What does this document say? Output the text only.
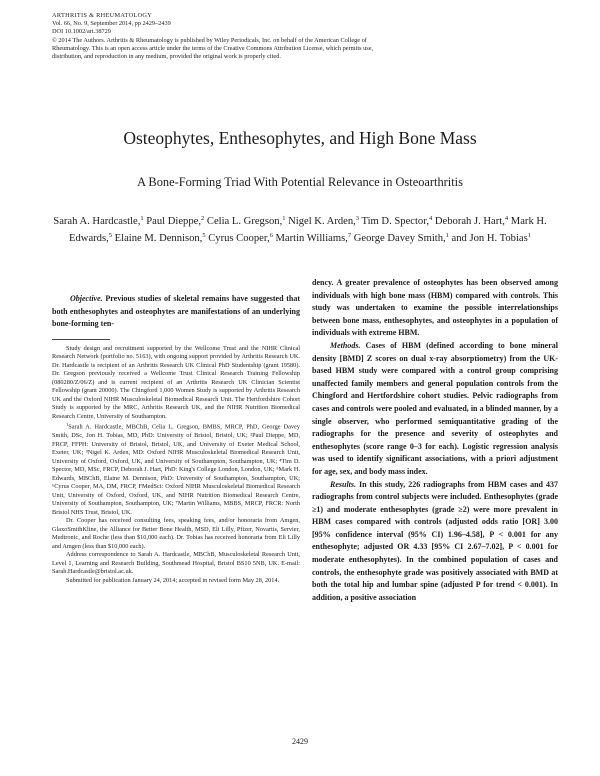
ARTHRITIS & RHEUMATOLOGY
Vol. 66, No. 9, September 2014, pp 2429–2439
DOI 10.1002/art.38729
© 2014 The Authors. Arthritis & Rheumatology is published by Wiley Periodicals, Inc. on behalf of the American College of Rheumatology. This is an open access article under the terms of the Creative Commons Attribution License, which permits use, distribution, and reproduction in any medium, provided the original work is properly cited.
Osteophytes, Enthesophytes, and High Bone Mass
A Bone-Forming Triad With Potential Relevance in Osteoarthritis
Sarah A. Hardcastle,$^1$ Paul Dieppe,$^2$ Celia L. Gregson,$^1$ Nigel K. Arden,$^3$ Tim D. Spector,$^4$ Deborah J. Hart,$^4$ Mark H. Edwards,$^5$ Elaine M. Dennison,$^5$ Cyrus Cooper,$^6$ Martin Williams,$^7$ George Davey Smith,$^1$ and Jon H. Tobias$^1$

Objective. Previous studies of skeletal remains have suggested that both enthesophytes and osteophytes are manifestations of an underlying bone-forming ten-

Study design and recruitment supported by the Wellcome Trust and the NIHR Clinical Research Network (portfolio no. 5163), with ongoing support provided by Arthritis Research UK. Dr. Hardcastle is recipient of an Arthritis Research UK Clinical PhD Studentship (grant 19580). Dr. Gregson previously received a Wellcome Trust Clinical Research Training Fellowship (080280/Z/06/Z) and is current recipient of an Arthritis Research UK Clinician Scientist Fellowship (grant 20000). The Chingford 1,000 Women Study is supported by Arthritis Research UK and the Oxford NIHR Musculoskeletal Biomedical Research Unit. The Hertfordshire Cohort Study is supported by the MRC, Arthritis Research UK, and the NIHR Nutrition Biomedical Research Centre, University of Southampton.

$^1$Sarah A. Hardcastle, MBChB, Celia L. Gregson, BMBS, MRCP, PhD, George Davey Smith, DSc, Jon H. Tobias, MD, PhD: University of Bristol, Bristol, UK; ²Paul Dieppe, MD, FRCP, FFPH: University of Bristol, Bristol, UK, and University of Exeter Medical School, Exeter, UK; ³Nigel K. Arden, MD: Oxford NIHR Musculoskeletal Biomedical Research Unit, University of Oxford, Oxford, UK, and University of Southampton, Southampton, UK; ⁴Tim D. Spector, MD, MSc, FRCP, Deborah J. Hart, PhD: King's College London, London, UK; ⁵Mark H. Edwards, MBChB, Elaine M. Dennison, PhD: University of Southampton, Southampton, UK; ⁶Cyrus Cooper, MA, DM, FRCP, FMedSci: Oxford NIHR Musculoskeletal Biomedical Research Unit, University of Oxford, Oxford, UK, and NIHR Nutrition Biomedical Research Centre, University of Southampton, Southampton, UK; ⁷Martin Williams, MBBS, MRCP, FRCR: North Bristol NHS Trust, Bristol, UK.

Dr. Cooper has received consulting fees, speaking fees, and/or honoraria from Amgen, GlaxoSmithKline, the Alliance for Better Bone Health, MSD, Eli Lilly, Pfizer, Novartis, Servier, Medtronic, and Roche (less than $10,000 each). Dr. Tobias has received honoraria from Eli Lilly and Amgen (less than $10,000 each).

Address correspondence to Sarah A. Hardcastle, MBChB, Musculoskeletal Research Unit, Level 1, Learning and Research Building, Southmead Hospital, Bristol BS10 5NB, UK. E-mail: Sarah.Hardcastle@bristol.ac.uk.

Submitted for publication January 24, 2014; accepted in revised form May 28, 2014.

dency. A greater prevalence of osteophytes has been observed among individuals with high bone mass (HBM) compared with controls. This study was undertaken to examine the possible interrelationships between bone mass, enthesophytes, and osteophytes in a population of individuals with extreme HBM.

Methods. Cases of HBM (defined according to bone mineral density [BMD] Z scores on dual x-ray absorptiometry) from the UK-based HBM study were compared with a control group comprising unaffected family members and general population controls from the Chingford and Hertfordshire cohort studies. Pelvic radiographs from cases and controls were pooled and evaluated, in a blinded manner, by a single observer, who performed semiquantitative grading of the radiographs for the presence and severity of osteophytes and enthesophytes (score range 0–3 for each). Logistic regression analysis was used to identify significant associations, with a priori adjustment for age, sex, and body mass index.

Results. In this study, 226 radiographs from HBM cases and 437 radiographs from control subjects were included. Enthesophytes (grade ≥1) and moderate enthesophytes (grade ≥2) were more prevalent in HBM cases compared with controls (adjusted odds ratio [OR] 3.00 [95% confidence interval (95% CI) 1.96–4.58], P < 0.001 for any enthesophyte; adjusted OR 4.33 [95% CI 2.67–7.02], P < 0.001 for moderate enthesophytes). In the combined population of cases and controls, the enthesophyte grade was positively associated with BMD at both the total hip and lumbar spine (adjusted P for trend < 0.001). In addition, a positive association

2429
